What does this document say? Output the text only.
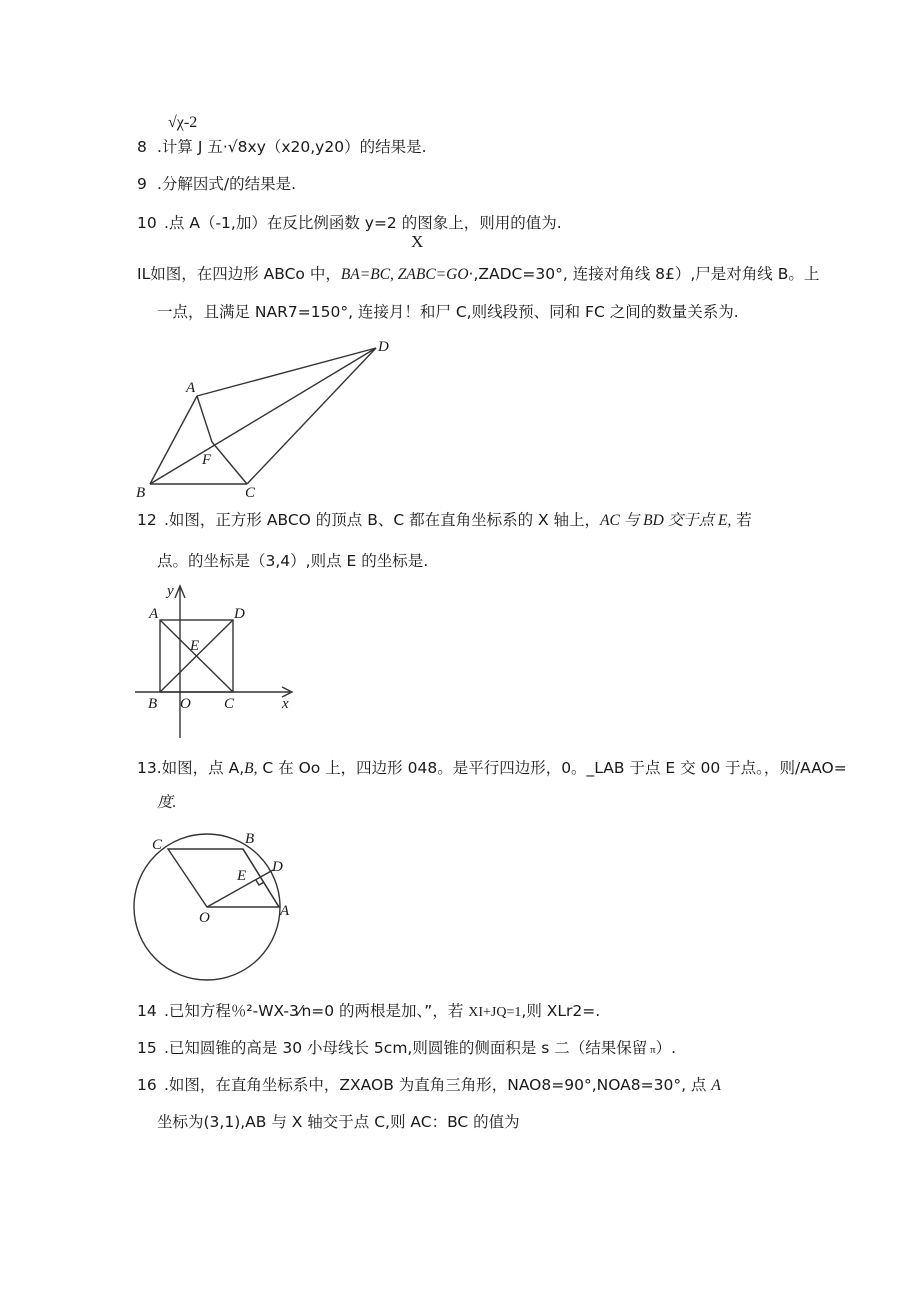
√χ-2
8 .计算 J 五·√8xy（x20,y20）的结果是.
9 .分解因式/的结果是.
10 .点 A（-1,加）在反比例函数 y=2 的图象上，则用的值为.
X
IL如图，在四边形 ABCo 中，BA=BC, ZABC=GO·,ZADC=30°, 连接对角线 8£）,尸是对角线 B。上
一点，且满足 NAR7=150°, 连接月！和尸 C,则线段预、同和 FC 之间的数量关系为.
A
B	C
D
F
12 .如图，正方形 ABCO 的顶点 B、C 都在直角坐标系的 X 轴上，AC 与 BD 交于点 E, 若
点。的坐标是（3,4）,则点 E 的坐标是.
y
A	D
E
B O C	x
13.如图，点 A,B, C 在 Oo 上，四边形 048。是平行四边形，0。_LAB 于点 E 交 00 于点。，则/AAO=
度.
C	B
D
E
O	A
14 .已知方程％²-WX-3⁄n=0 的两根是加、”，若 XI+JQ=1,则 XLr2=.
15 .已知圆锥的高是 30 小母线长 5cm,则圆锥的侧面积是 s 二（结果保留 π）.
16 .如图，在直角坐标系中，ZXAOB 为直角三角形，NAO8=90°,NOA8=30°, 点 A
坐标为(3,1),AB 与 X 轴交于点 C,则 AC：BC 的值为
